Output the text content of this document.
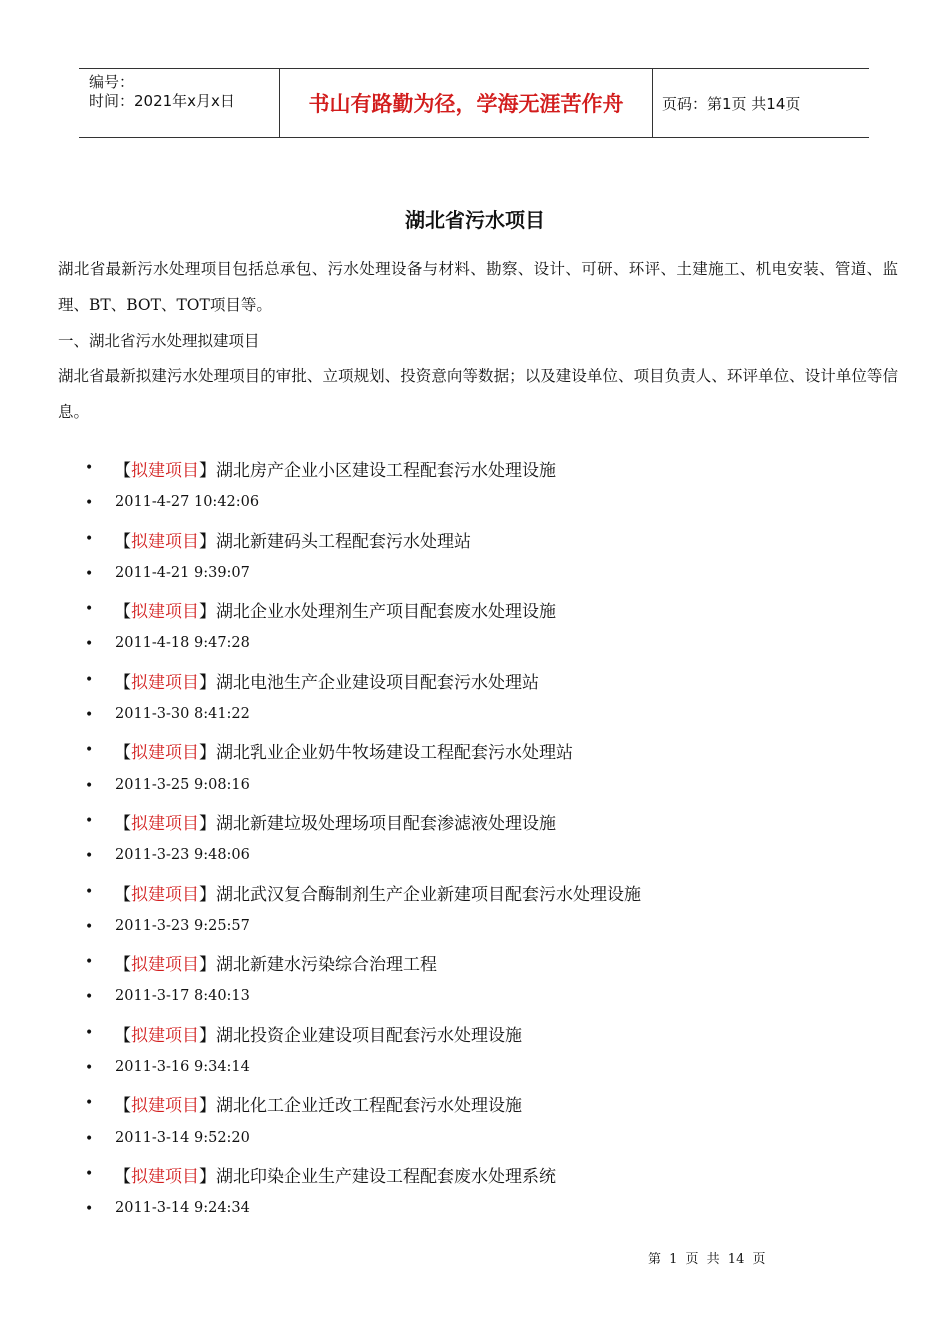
编号：
时间：2021年x月x日	书山有路勤为径，学海无涯苦作舟	页码：第1页 共14页
湖北省污水项目
湖北省最新污水处理项目包括总承包、污水处理设备与材料、勘察、设计、可研、环评、土建施工、机电安装、管道、监理、BT、BOT、TOT项目等。
一、湖北省污水处理拟建项目
湖北省最新拟建污水处理项目的审批、立项规划、投资意向等数据；以及建设单位、项目负责人、环评单位、设计单位等信息。
• 【拟建项目】湖北房产企业小区建设工程配套污水处理设施
• 2011-4-27 10:42:06
• 【拟建项目】湖北新建码头工程配套污水处理站
• 2011-4-21 9:39:07
• 【拟建项目】湖北企业水处理剂生产项目配套废水处理设施
• 2011-4-18 9:47:28
• 【拟建项目】湖北电池生产企业建设项目配套污水处理站
• 2011-3-30 8:41:22
• 【拟建项目】湖北乳业企业奶牛牧场建设工程配套污水处理站
• 2011-3-25 9:08:16
• 【拟建项目】湖北新建垃圾处理场项目配套渗滤液处理设施
• 2011-3-23 9:48:06
• 【拟建项目】湖北武汉复合酶制剂生产企业新建项目配套污水处理设施
• 2011-3-23 9:25:57
• 【拟建项目】湖北新建水污染综合治理工程
• 2011-3-17 8:40:13
• 【拟建项目】湖北投资企业建设项目配套污水处理设施
• 2011-3-16 9:34:14
• 【拟建项目】湖北化工企业迁改工程配套污水处理设施
• 2011-3-14 9:52:20
• 【拟建项目】湖北印染企业生产建设工程配套废水处理系统
• 2011-3-14 9:24:34
第 1 页 共 14 页
